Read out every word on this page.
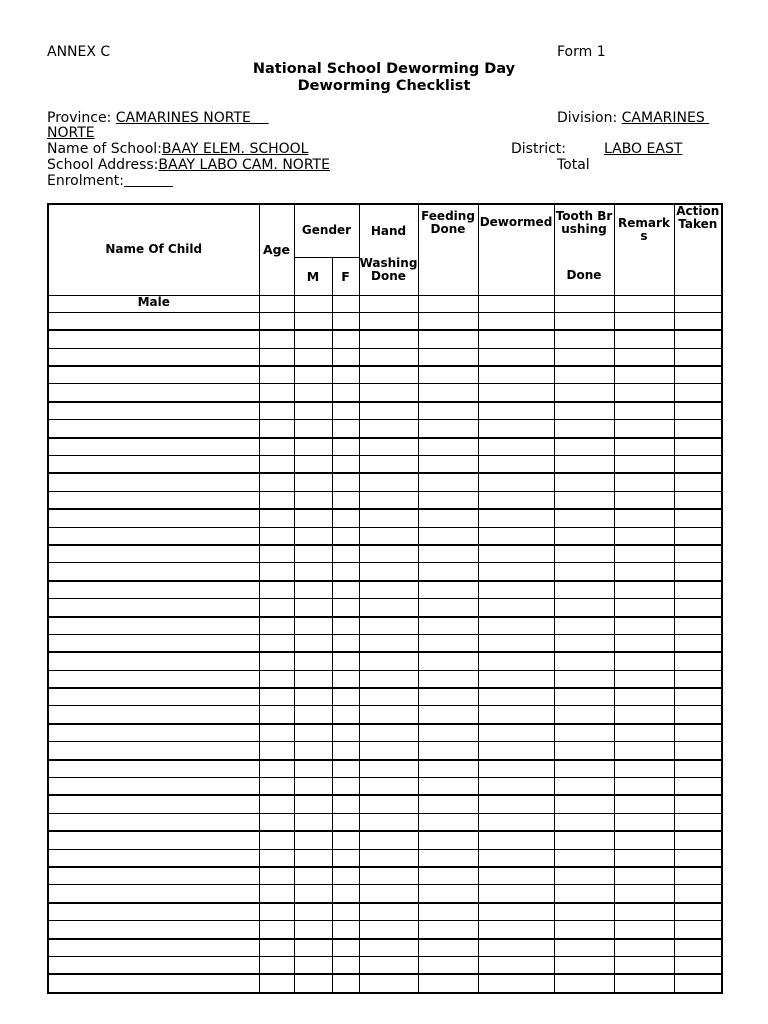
ANNEX C	Form 1
National School Deworming Day
Deworming Checklist
Province: CAMARINES NORTE	Division: CAMARINES
NORTE
Name of School:BAAY ELEM. SCHOOL	District:	LABO EAST
School Address:BAAY LABO CAM. NORTE	Total
Enrolment:
Name Of Child	Age	Gender		Hand	Feeding Done	Dewormed	Tooth Brushing	Remarks	Action Taken
		M	F	Washing Done			Done		
Male									
